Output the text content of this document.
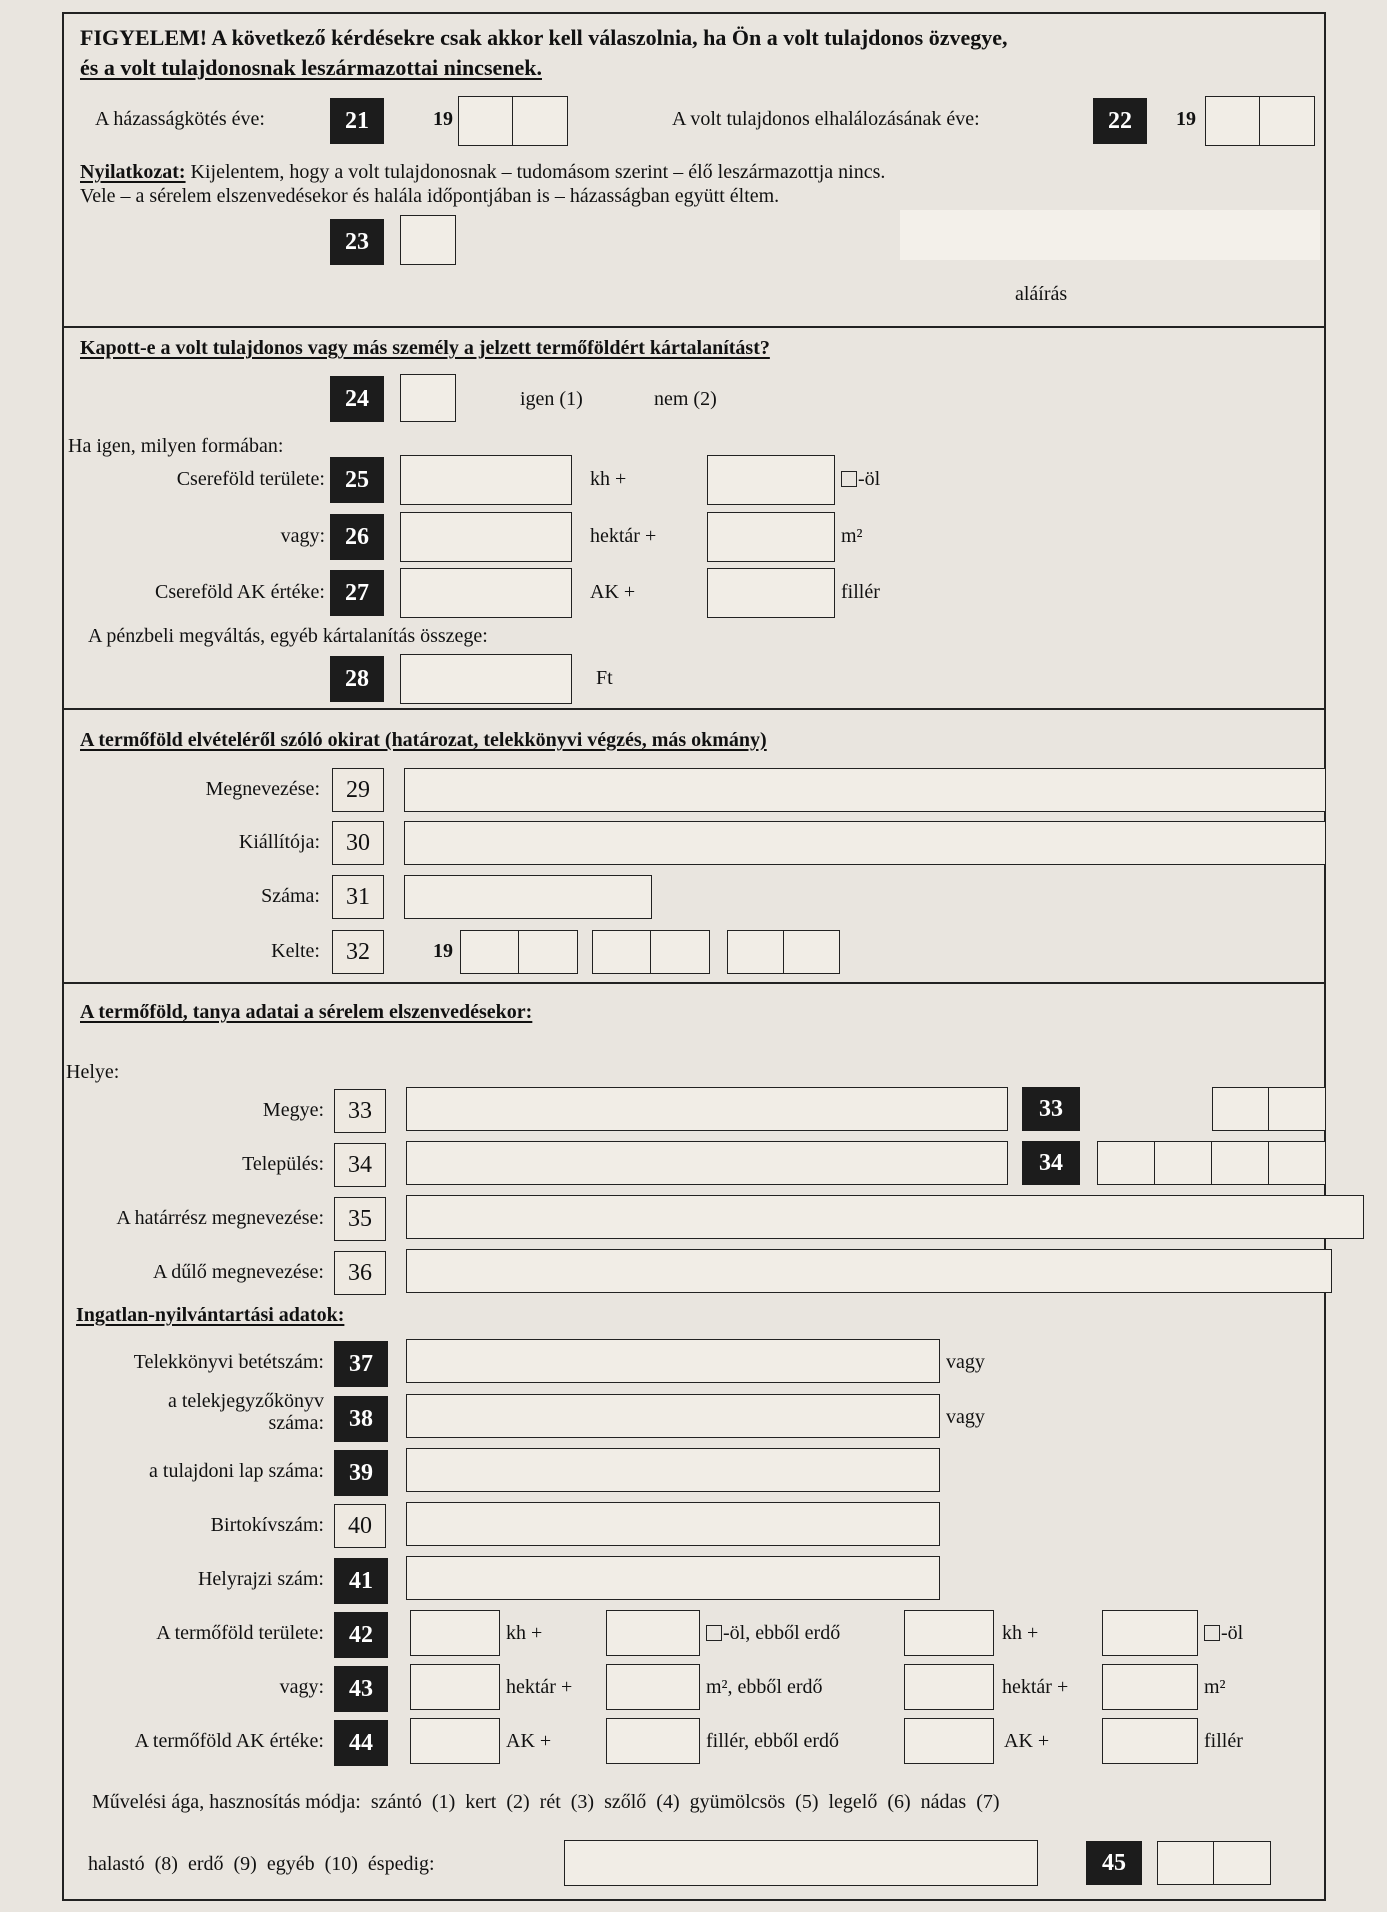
FIGYELEM! A következő kérdésekre csak akkor kell válaszolnia, ha Ön a volt tulajdonos özvegye,
és a volt tulajdonosnak leszármazottai nincsenek.
A házasságkötés éve:	21	19	A volt tulajdonos elhalálozásának éve:	22	19
Nyilatkozat: Kijelentem, hogy a volt tulajdonosnak – tudomásom szerint – élő leszármazottja nincs.
Vele – a sérelem elszenvedésekor és halála időpontjában is – házasságban együtt éltem.
23
aláírás
Kapott-e a volt tulajdonos vagy más személy a jelzett termőföldért kártalanítást?
24	igen (1)	nem (2)
Ha igen, milyen formában:
Csereföld területe: 25	kh +	-öl
vagy: 26	hektár +	m²
Csereföld AK értéke: 27	AK +	fillér
A pénzbeli megváltás, egyéb kártalanítás összege:
28	Ft
A termőföld elvételéről szóló okirat (határozat, telekkönyvi végzés, más okmány)
Megnevezése:	29
Kiállítója:	30
Száma:	31
Kelte:	32	19
A termőföld, tanya adatai a sérelem elszenvedésekor:
Helye:
Megye:	33	33
Település:	34	34
A határrész megnevezése:	35
A dűlő megnevezése:	36
Ingatlan-nyilvántartási adatok:
Telekkönyvi betétszám:	37	vagy
a telekjegyzőkönyv
száma:	38	vagy
a tulajdoni lap száma:	39
Birtokívszám:	40
Helyrajzi szám:	41
A termőföld területe:	42	kh +	-öl, ebből erdő	kh +	-öl
vagy:	43	hektár +	m², ebből erdő	hektár +	m²
A termőföld AK értéke:	44	AK +	fillér, ebből erdő	AK +	fillér
Művelési ága, hasznosítás módja:  szántó  (1)  kert  (2)  rét  (3)  szőlő  (4)  gyümölcsös  (5)  legelő  (6)  nádas  (7)
halastó  (8)  erdő  (9)  egyéb  (10)  éspedig:	45
